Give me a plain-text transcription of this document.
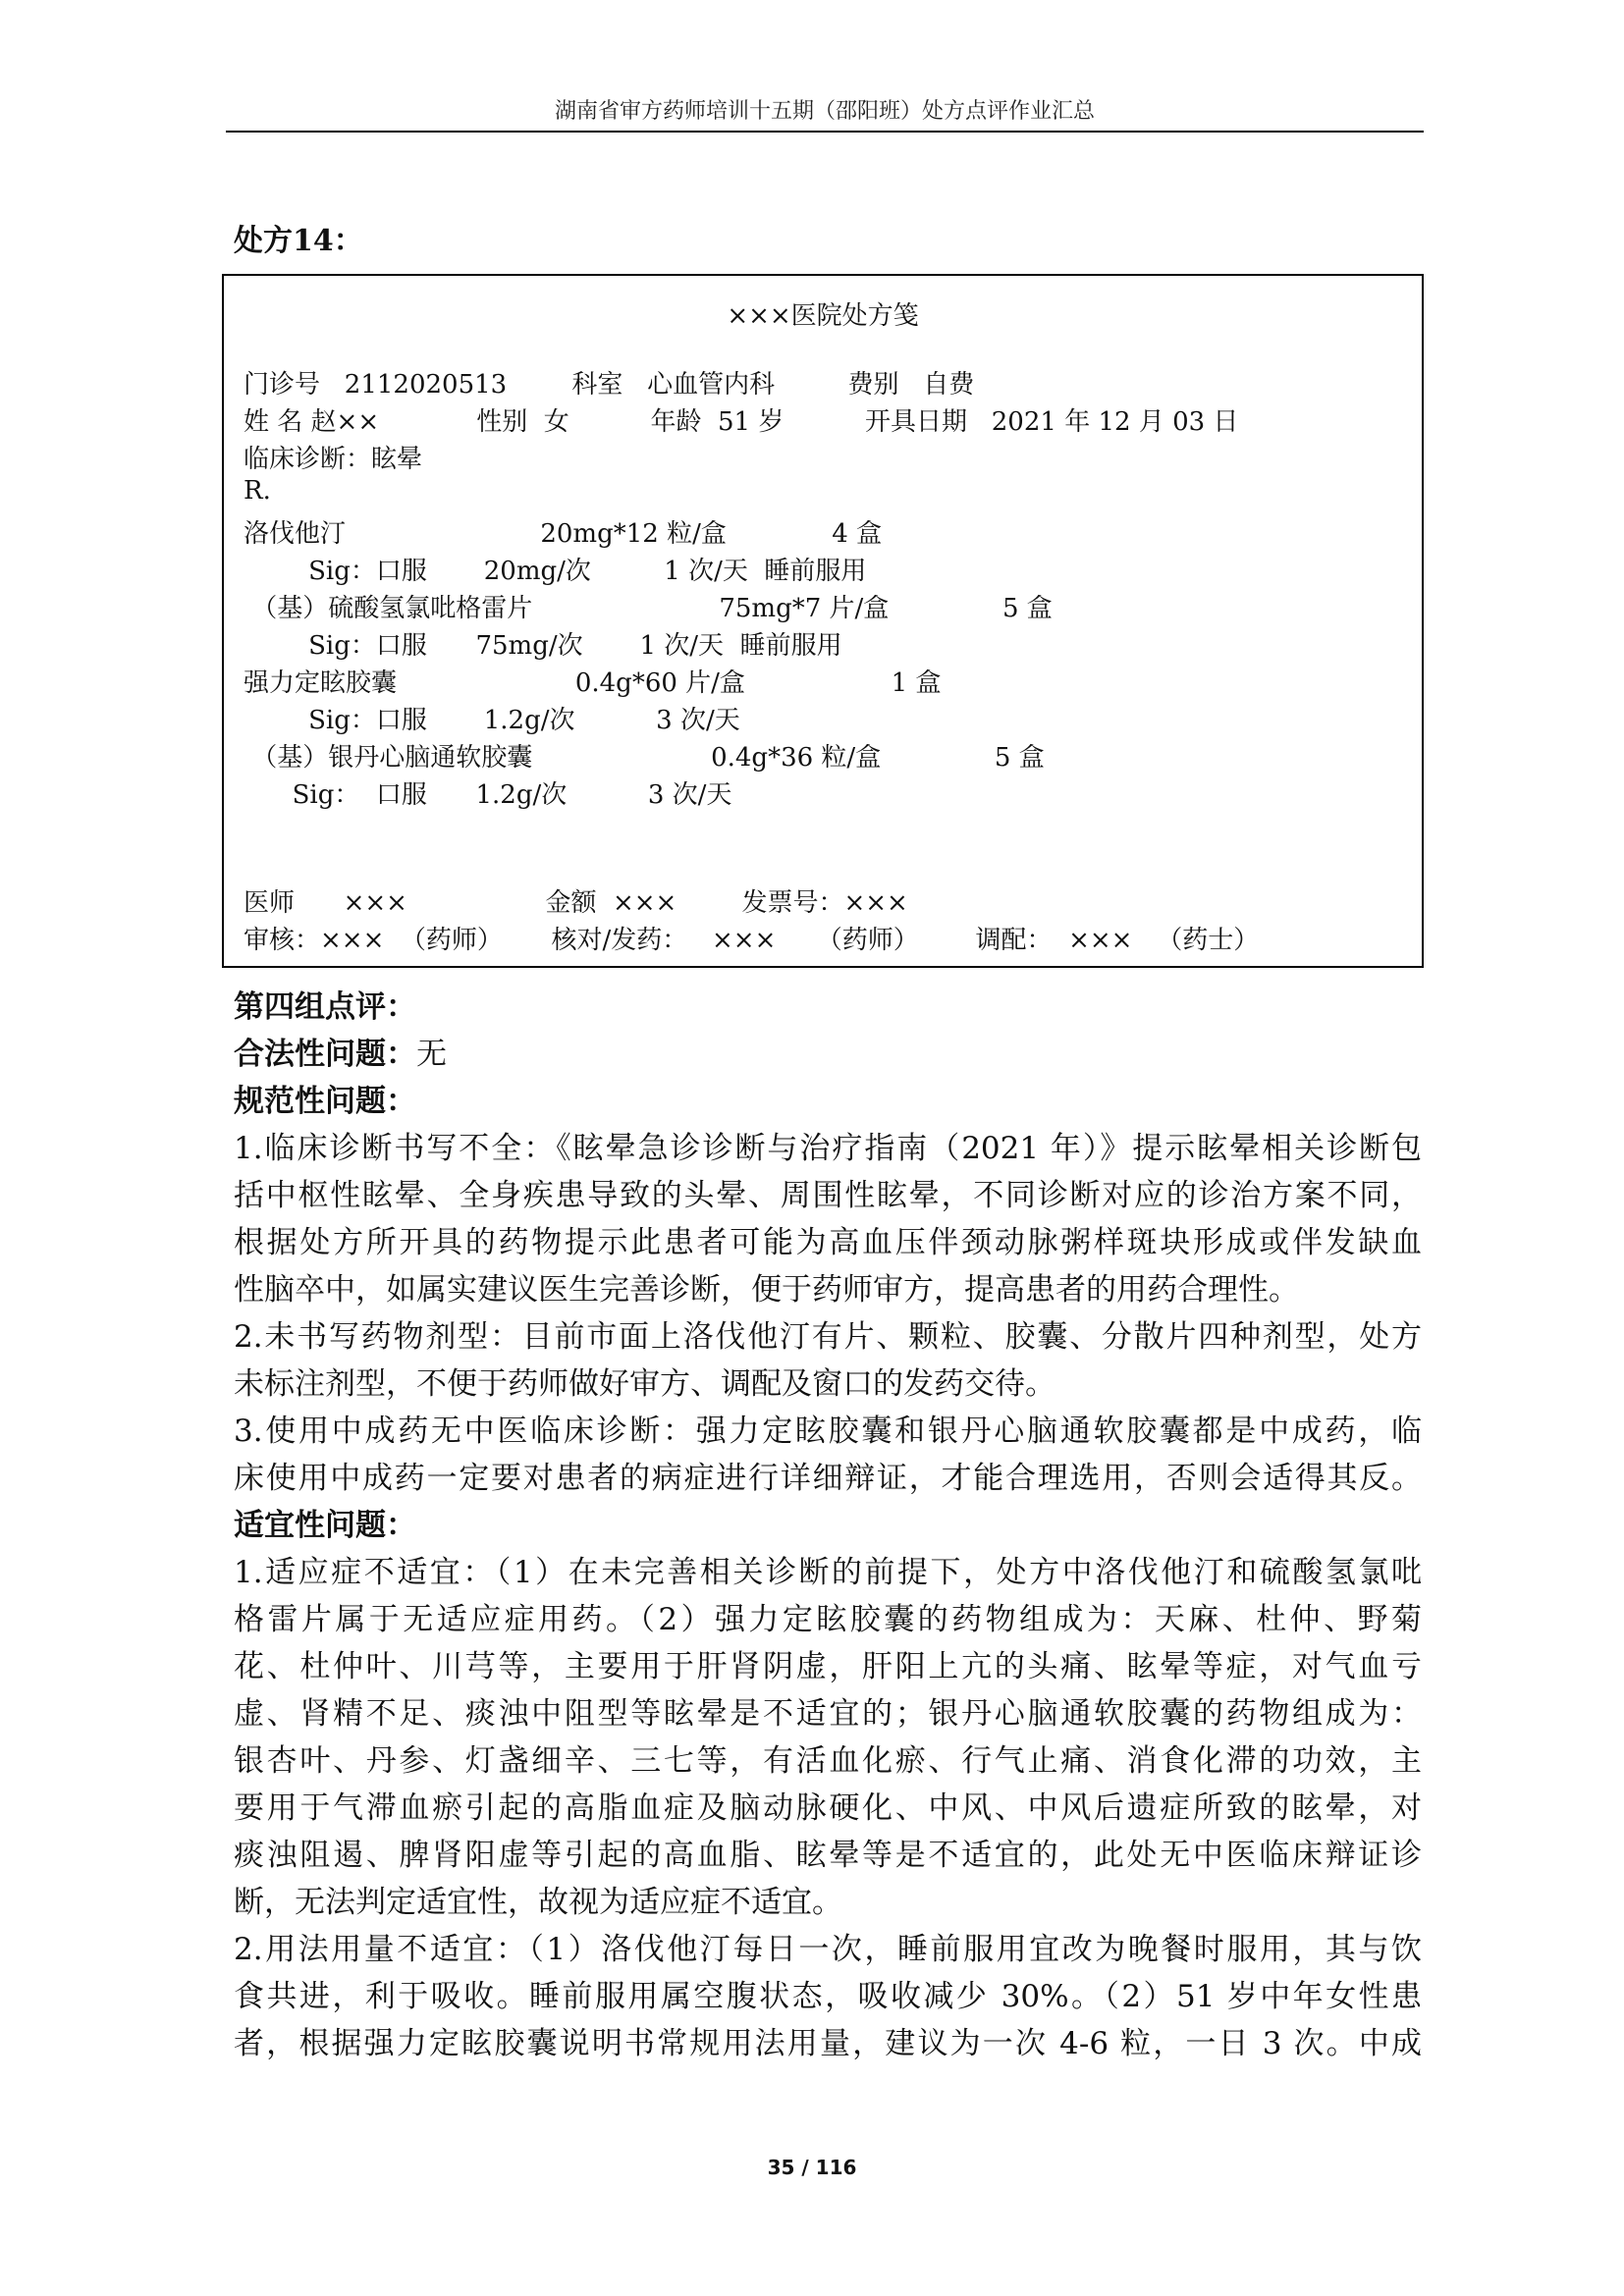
湖南省审方药师培训十五期（邵阳班）处方点评作业汇总
处方14：
×××医院处方笺
门诊号   2112020513        科室   心血管内科         费别   自费
姓 名 赵××            性别  女          年龄  51 岁          开具日期   2021 年 12 月 03 日
临床诊断：眩晕
R.
洛伐他汀                        20mg*12 粒/盒             4 盒
Sig：口服       20mg/次         1 次/天  睡前服用
（基）硫酸氢氯吡格雷片                       75mg*7 片/盒              5 盒
Sig：口服      75mg/次       1 次/天  睡前服用
强力定眩胶囊                      0.4g*60 片/盒                  1 盒
Sig：口服       1.2g/次          3 次/天
（基）银丹心脑通软胶囊                      0.4g*36 粒/盒              5 盒
Sig：  口服      1.2g/次          3 次/天
医师      ×××                 金额  ×××        发票号：×××
审核：×××  （药师）      核对/发药：   ×××     （药师）       调配：  ×××   （药士）
第四组点评：
合法性问题：无
规范性问题：
1.临床诊断书写不全：《眩晕急诊诊断与治疗指南（2021 年）》提示眩晕相关诊断包
括中枢性眩晕、全身疾患导致的头晕、周围性眩晕，不同诊断对应的诊治方案不同，
根据处方所开具的药物提示此患者可能为高血压伴颈动脉粥样斑块形成或伴发缺血
性脑卒中，如属实建议医生完善诊断，便于药师审方，提高患者的用药合理性。
2.未书写药物剂型：目前市面上洛伐他汀有片、颗粒、胶囊、分散片四种剂型，处方
未标注剂型，不便于药师做好审方、调配及窗口的发药交待。
3.使用中成药无中医临床诊断：强力定眩胶囊和银丹心脑通软胶囊都是中成药，临
床使用中成药一定要对患者的病症进行详细辩证，才能合理选用，否则会适得其反。
适宜性问题：
1.适应症不适宜：（1）在未完善相关诊断的前提下，处方中洛伐他汀和硫酸氢氯吡
格雷片属于无适应症用药。（2）强力定眩胶囊的药物组成为：天麻、杜仲、野菊
花、杜仲叶、川芎等，主要用于肝肾阴虚，肝阳上亢的头痛、眩晕等症，对气血亏
虚、肾精不足、痰浊中阻型等眩晕是不适宜的；银丹心脑通软胶囊的药物组成为：
银杏叶、丹参、灯盏细辛、三七等，有活血化瘀、行气止痛、消食化滞的功效，主
要用于气滞血瘀引起的高脂血症及脑动脉硬化、中风、中风后遗症所致的眩晕，对
痰浊阻遏、脾肾阳虚等引起的高血脂、眩晕等是不适宜的，此处无中医临床辩证诊
断，无法判定适宜性，故视为适应症不适宜。
2.用法用量不适宜：（1）洛伐他汀每日一次，睡前服用宜改为晚餐时服用，其与饮
食共进，利于吸收。睡前服用属空腹状态，吸收减少 30%。（2）51 岁中年女性患
者，根据强力定眩胶囊说明书常规用法用量，建议为一次 4-6 粒，一日 3 次。中成
35 / 116
